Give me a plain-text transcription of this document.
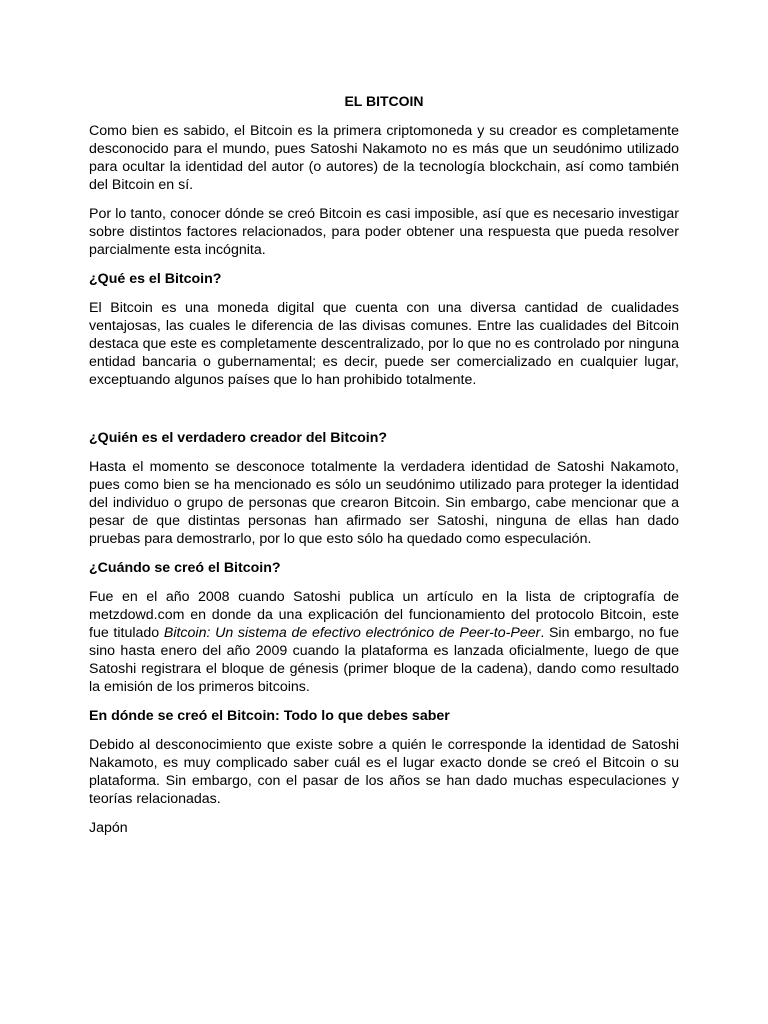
EL BITCOIN

Como bien es sabido, el Bitcoin es la primera criptomoneda y su creador es completamente desconocido para el mundo, pues Satoshi Nakamoto no es más que un seudónimo utilizado para ocultar la identidad del autor (o autores) de la tecnología blockchain, así como también del Bitcoin en sí.

Por lo tanto, conocer dónde se creó Bitcoin es casi imposible, así que es necesario investigar sobre distintos factores relacionados, para poder obtener una respuesta que pueda resolver parcialmente esta incógnita.

¿Qué es el Bitcoin?

El Bitcoin es una moneda digital que cuenta con una diversa cantidad de cualidades ventajosas, las cuales le diferencia de las divisas comunes. Entre las cualidades del Bitcoin destaca que este es completamente descentralizado, por lo que no es controlado por ninguna entidad bancaria o gubernamental; es decir, puede ser comercializado en cualquier lugar, exceptuando algunos países que lo han prohibido totalmente.

¿Quién es el verdadero creador del Bitcoin?

Hasta el momento se desconoce totalmente la verdadera identidad de Satoshi Nakamoto, pues como bien se ha mencionado es sólo un seudónimo utilizado para proteger la identidad del individuo o grupo de personas que crearon Bitcoin. Sin embargo, cabe mencionar que a pesar de que distintas personas han afirmado ser Satoshi, ninguna de ellas han dado pruebas para demostrarlo, por lo que esto sólo ha quedado como especulación.

¿Cuándo se creó el Bitcoin?

Fue en el año 2008 cuando Satoshi publica un artículo en la lista de criptografía de metzdowd.com en donde da una explicación del funcionamiento del protocolo Bitcoin, este fue titulado Bitcoin: Un sistema de efectivo electrónico de Peer-to-Peer. Sin embargo, no fue sino hasta enero del año 2009 cuando la plataforma es lanzada oficialmente, luego de que Satoshi registrara el bloque de génesis (primer bloque de la cadena), dando como resultado la emisión de los primeros bitcoins.

En dónde se creó el Bitcoin: Todo lo que debes saber

Debido al desconocimiento que existe sobre a quién le corresponde la identidad de Satoshi Nakamoto, es muy complicado saber cuál es el lugar exacto donde se creó el Bitcoin o su plataforma. Sin embargo, con el pasar de los años se han dado muchas especulaciones y teorías relacionadas.

Japón
